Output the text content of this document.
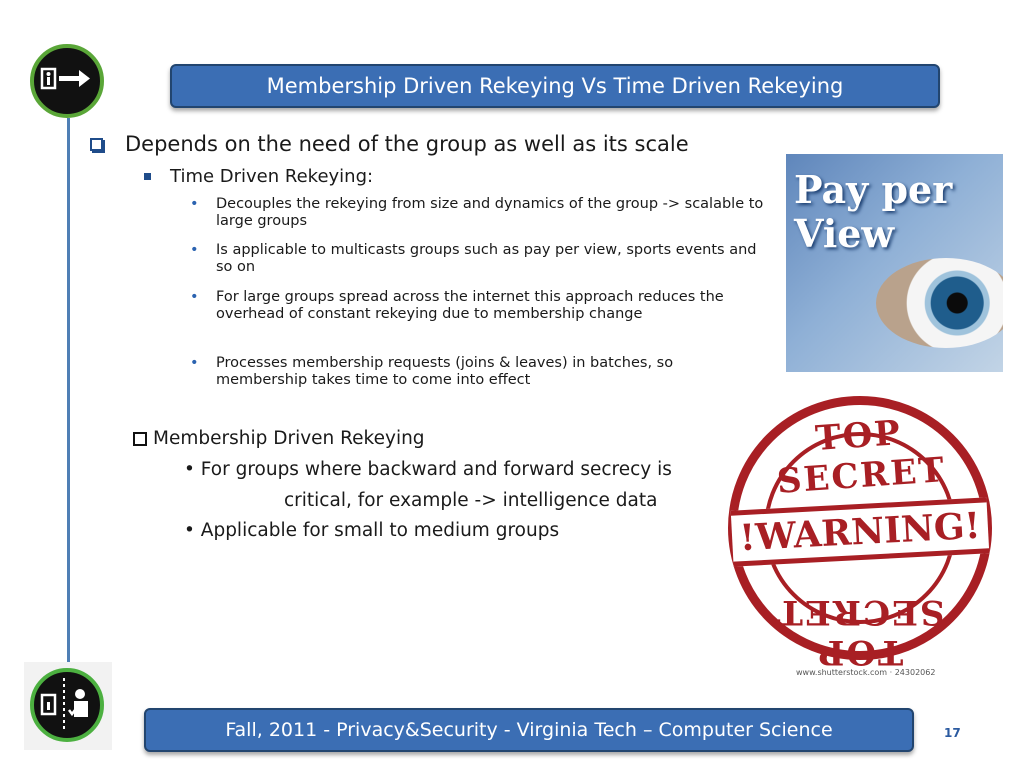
Membership Driven Rekeying Vs Time Driven Rekeying
Depends on the need of the group as well as its scale
Time Driven Rekeying:
• Decouples the rekeying from size and dynamics of the group -> scalable to large groups
• Is applicable to multicasts groups such as pay per view, sports events and so on
• For large groups spread across the internet this approach reduces the overhead of constant rekeying due to membership change
• Processes membership requests (joins & leaves) in batches, so membership takes time to come into effect
Membership Driven Rekeying
• For groups where backward and forward secrecy is
critical, for example -> intelligence data
• Applicable for small to medium groups
Pay per View
TOP SECRET
TOP SECRET
!WARNING!
www.shutterstock.com · 24302062
Fall, 2011 - Privacy&Security - Virginia Tech – Computer Science	17
